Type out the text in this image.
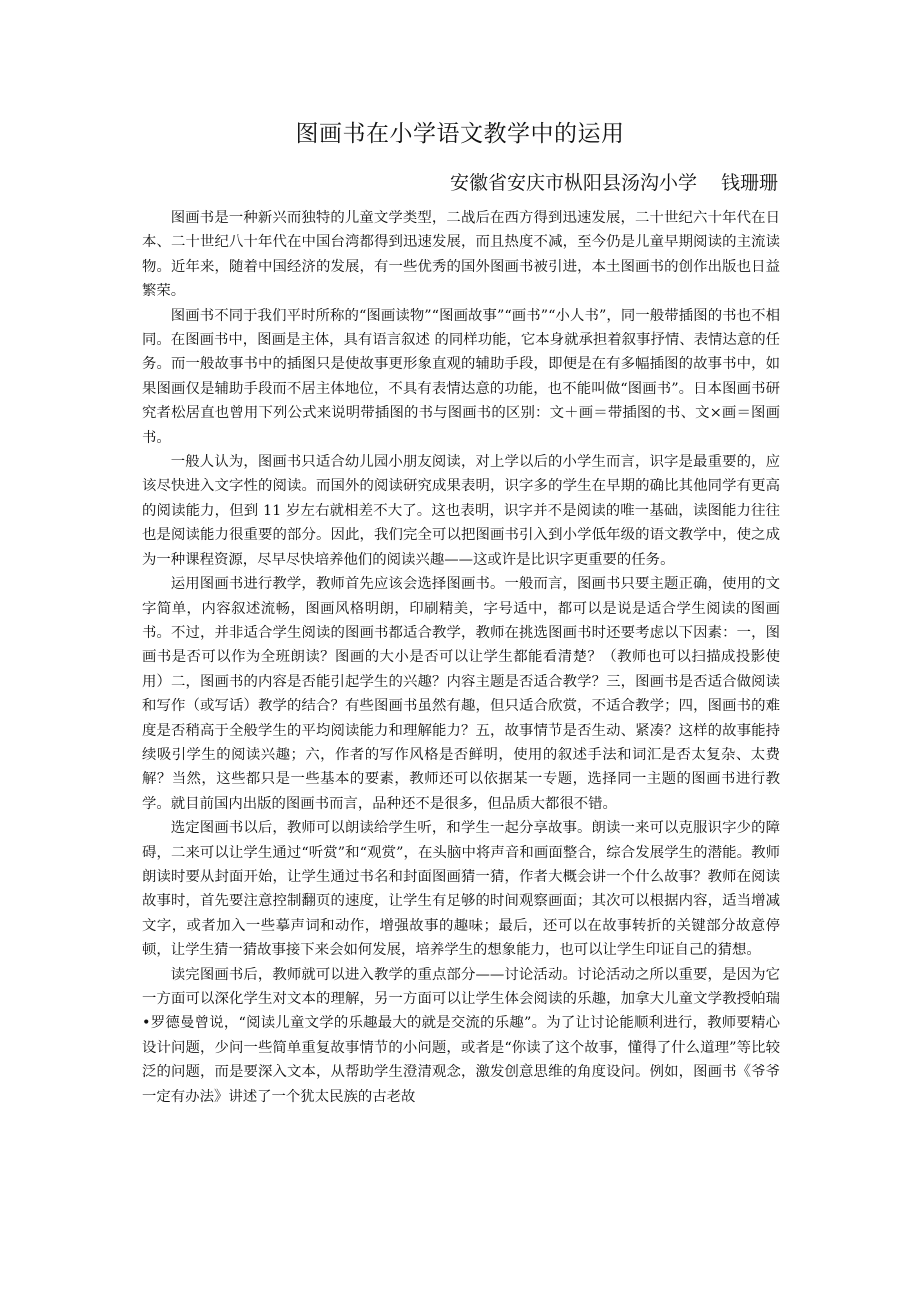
图画书在小学语文教学中的运用
安徽省安庆市枞阳县汤沟小学 钱珊珊

图画书是一种新兴而独特的儿童文学类型，二战后在西方得到迅速发展，二十世纪六十年代在日本、二十世纪八十年代在中国台湾都得到迅速发展，而且热度不减，至今仍是儿童早期阅读的主流读物。近年来，随着中国经济的发展，有一些优秀的国外图画书被引进，本土图画书的创作出版也日益繁荣。

图画书不同于我们平时所称的“图画读物”“图画故事”“画书”“小人书”，同一般带插图的书也不相同。在图画书中，图画是主体，具有语言叙述 的同样功能，它本身就承担着叙事抒情、表情达意的任务。而一般故事书中的插图只是使故事更形象直观的辅助手段，即便是在有多幅插图的故事书中，如果图画仅是辅助手段而不居主体地位，不具有表情达意的功能，也不能叫做“图画书”。日本图画书研究者松居直也曾用下列公式来说明带插图的书与图画书的区别：文＋画＝带插图的书、文×画＝图画书。

一般人认为，图画书只适合幼儿园小朋友阅读，对上学以后的小学生而言，识字是最重要的，应该尽快进入文字性的阅读。而国外的阅读研究成果表明，识字多的学生在早期的确比其他同学有更高的阅读能力，但到 11 岁左右就相差不大了。这也表明，识字并不是阅读的唯一基础，读图能力往往也是阅读能力很重要的部分。因此，我们完全可以把图画书引入到小学低年级的语文教学中，使之成为一种课程资源，尽早尽快培养他们的阅读兴趣——这或许是比识字更重要的任务。

运用图画书进行教学，教师首先应该会选择图画书。一般而言，图画书只要主题正确，使用的文字简单，内容叙述流畅，图画风格明朗，印刷精美，字号适中，都可以是说是适合学生阅读的图画书。不过，并非适合学生阅读的图画书都适合教学，教师在挑选图画书时还要考虑以下因素：一，图画书是否可以作为全班朗读？图画的大小是否可以让学生都能看清楚？（教师也可以扫描成投影使用）二，图画书的内容是否能引起学生的兴趣？内容主题是否适合教学？三，图画书是否适合做阅读和写作（或写话）教学的结合？有些图画书虽然有趣，但只适合欣赏，不适合教学；四，图画书的难度是否稍高于全般学生的平均阅读能力和理解能力？五，故事情节是否生动、紧凑？这样的故事能持续吸引学生的阅读兴趣；六，作者的写作风格是否鲜明，使用的叙述手法和词汇是否太复杂、太费解？当然，这些都只是一些基本的要素，教师还可以依据某一专题，选择同一主题的图画书进行教学。就目前国内出版的图画书而言，品种还不是很多，但品质大都很不错。

选定图画书以后，教师可以朗读给学生听，和学生一起分享故事。朗读一来可以克服识字少的障碍，二来可以让学生通过“听赏”和“观赏”，在头脑中将声音和画面整合，综合发展学生的潜能。教师朗读时要从封面开始，让学生通过书名和封面图画猜一猜，作者大概会讲一个什么故事？教师在阅读故事时，首先要注意控制翻页的速度，让学生有足够的时间观察画面；其次可以根据内容，适当增减文字，或者加入一些摹声词和动作，增强故事的趣味；最后，还可以在故事转折的关键部分故意停顿，让学生猜一猜故事接下来会如何发展，培养学生的想象能力，也可以让学生印证自己的猜想。

读完图画书后，教师就可以进入教学的重点部分——讨论活动。讨论活动之所以重要，是因为它一方面可以深化学生对文本的理解，另一方面可以让学生体会阅读的乐趣，加拿大儿童文学教授帕瑞•罗德曼曾说，“阅读儿童文学的乐趣最大的就是交流的乐趣”。为了让讨论能顺利进行，教师要精心设计问题，少问一些简单重复故事情节的小问题，或者是“你读了这个故事，懂得了什么道理”等比较泛的问题，而是要深入文本，从帮助学生澄清观念，激发创意思维的角度设问。例如，图画书《爷爷一定有办法》讲述了一个犹太民族的古老故
